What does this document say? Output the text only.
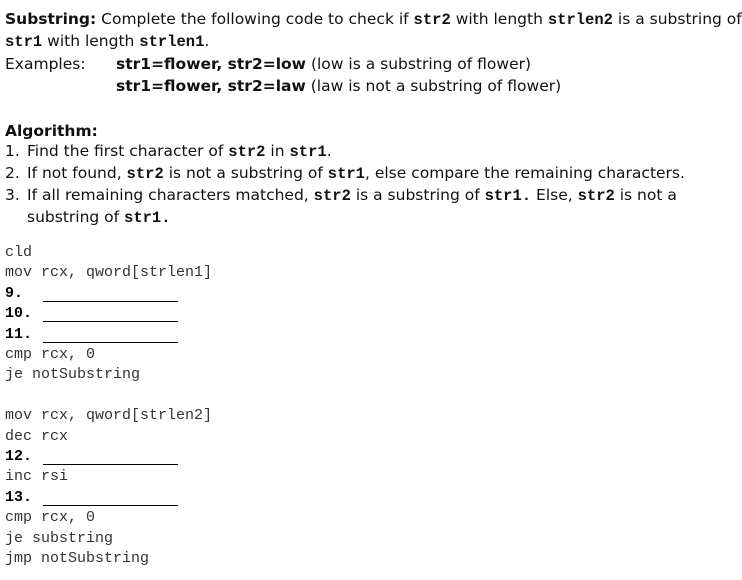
Substring: Complete the following code to check if str2 with length strlen2 is a substring of
str1 with length strlen1.
Examples: str1=flower, str2=low (low is a substring of flower)
str1=flower, str2=law (law is not a substring of flower)
Algorithm:
1. Find the first character of str2 in str1.
2. If not found, str2 is not a substring of str1, else compare the remaining characters.
3. If all remaining characters matched, str2 is a substring of str1. Else, str2 is not a
substring of str1.
cld
mov rcx, qword[strlen1]
9.
10.
11.
cmp rcx, 0
je notSubstring
mov rcx, qword[strlen2]
dec rcx
12.
inc rsi
13.
cmp rcx, 0
je substring
jmp notSubstring
